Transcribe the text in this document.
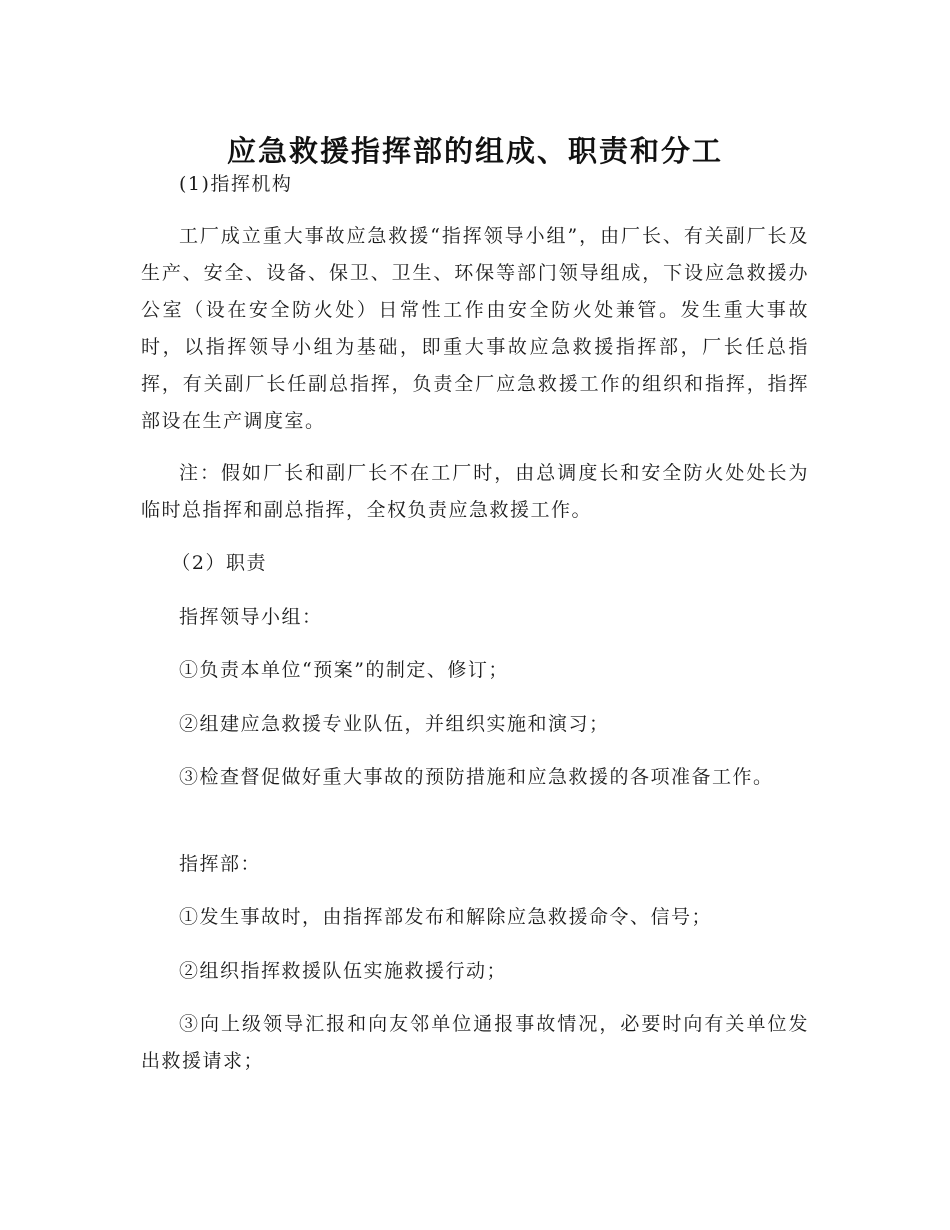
应急救援指挥部的组成、职责和分工

(1)指挥机构

工厂成立重大事故应急救援“指挥领导小组”，由厂长、有关副厂长及生产、安全、设备、保卫、卫生、环保等部门领导组成，下设应急救援办公室（设在安全防火处）日常性工作由安全防火处兼管。发生重大事故时，以指挥领导小组为基础，即重大事故应急救援指挥部，厂长任总指挥，有关副厂长任副总指挥，负责全厂应急救援工作的组织和指挥，指挥部设在生产调度室。

注：假如厂长和副厂长不在工厂时，由总调度长和安全防火处处长为临时总指挥和副总指挥，全权负责应急救援工作。

（2）职责

指挥领导小组：

①负责本单位“预案”的制定、修订；

②组建应急救援专业队伍，并组织实施和演习；

③检查督促做好重大事故的预防措施和应急救援的各项准备工作。

指挥部：

①发生事故时，由指挥部发布和解除应急救援命令、信号；

②组织指挥救援队伍实施救援行动；

③向上级领导汇报和向友邻单位通报事故情况，必要时向有关单位发出救援请求；
